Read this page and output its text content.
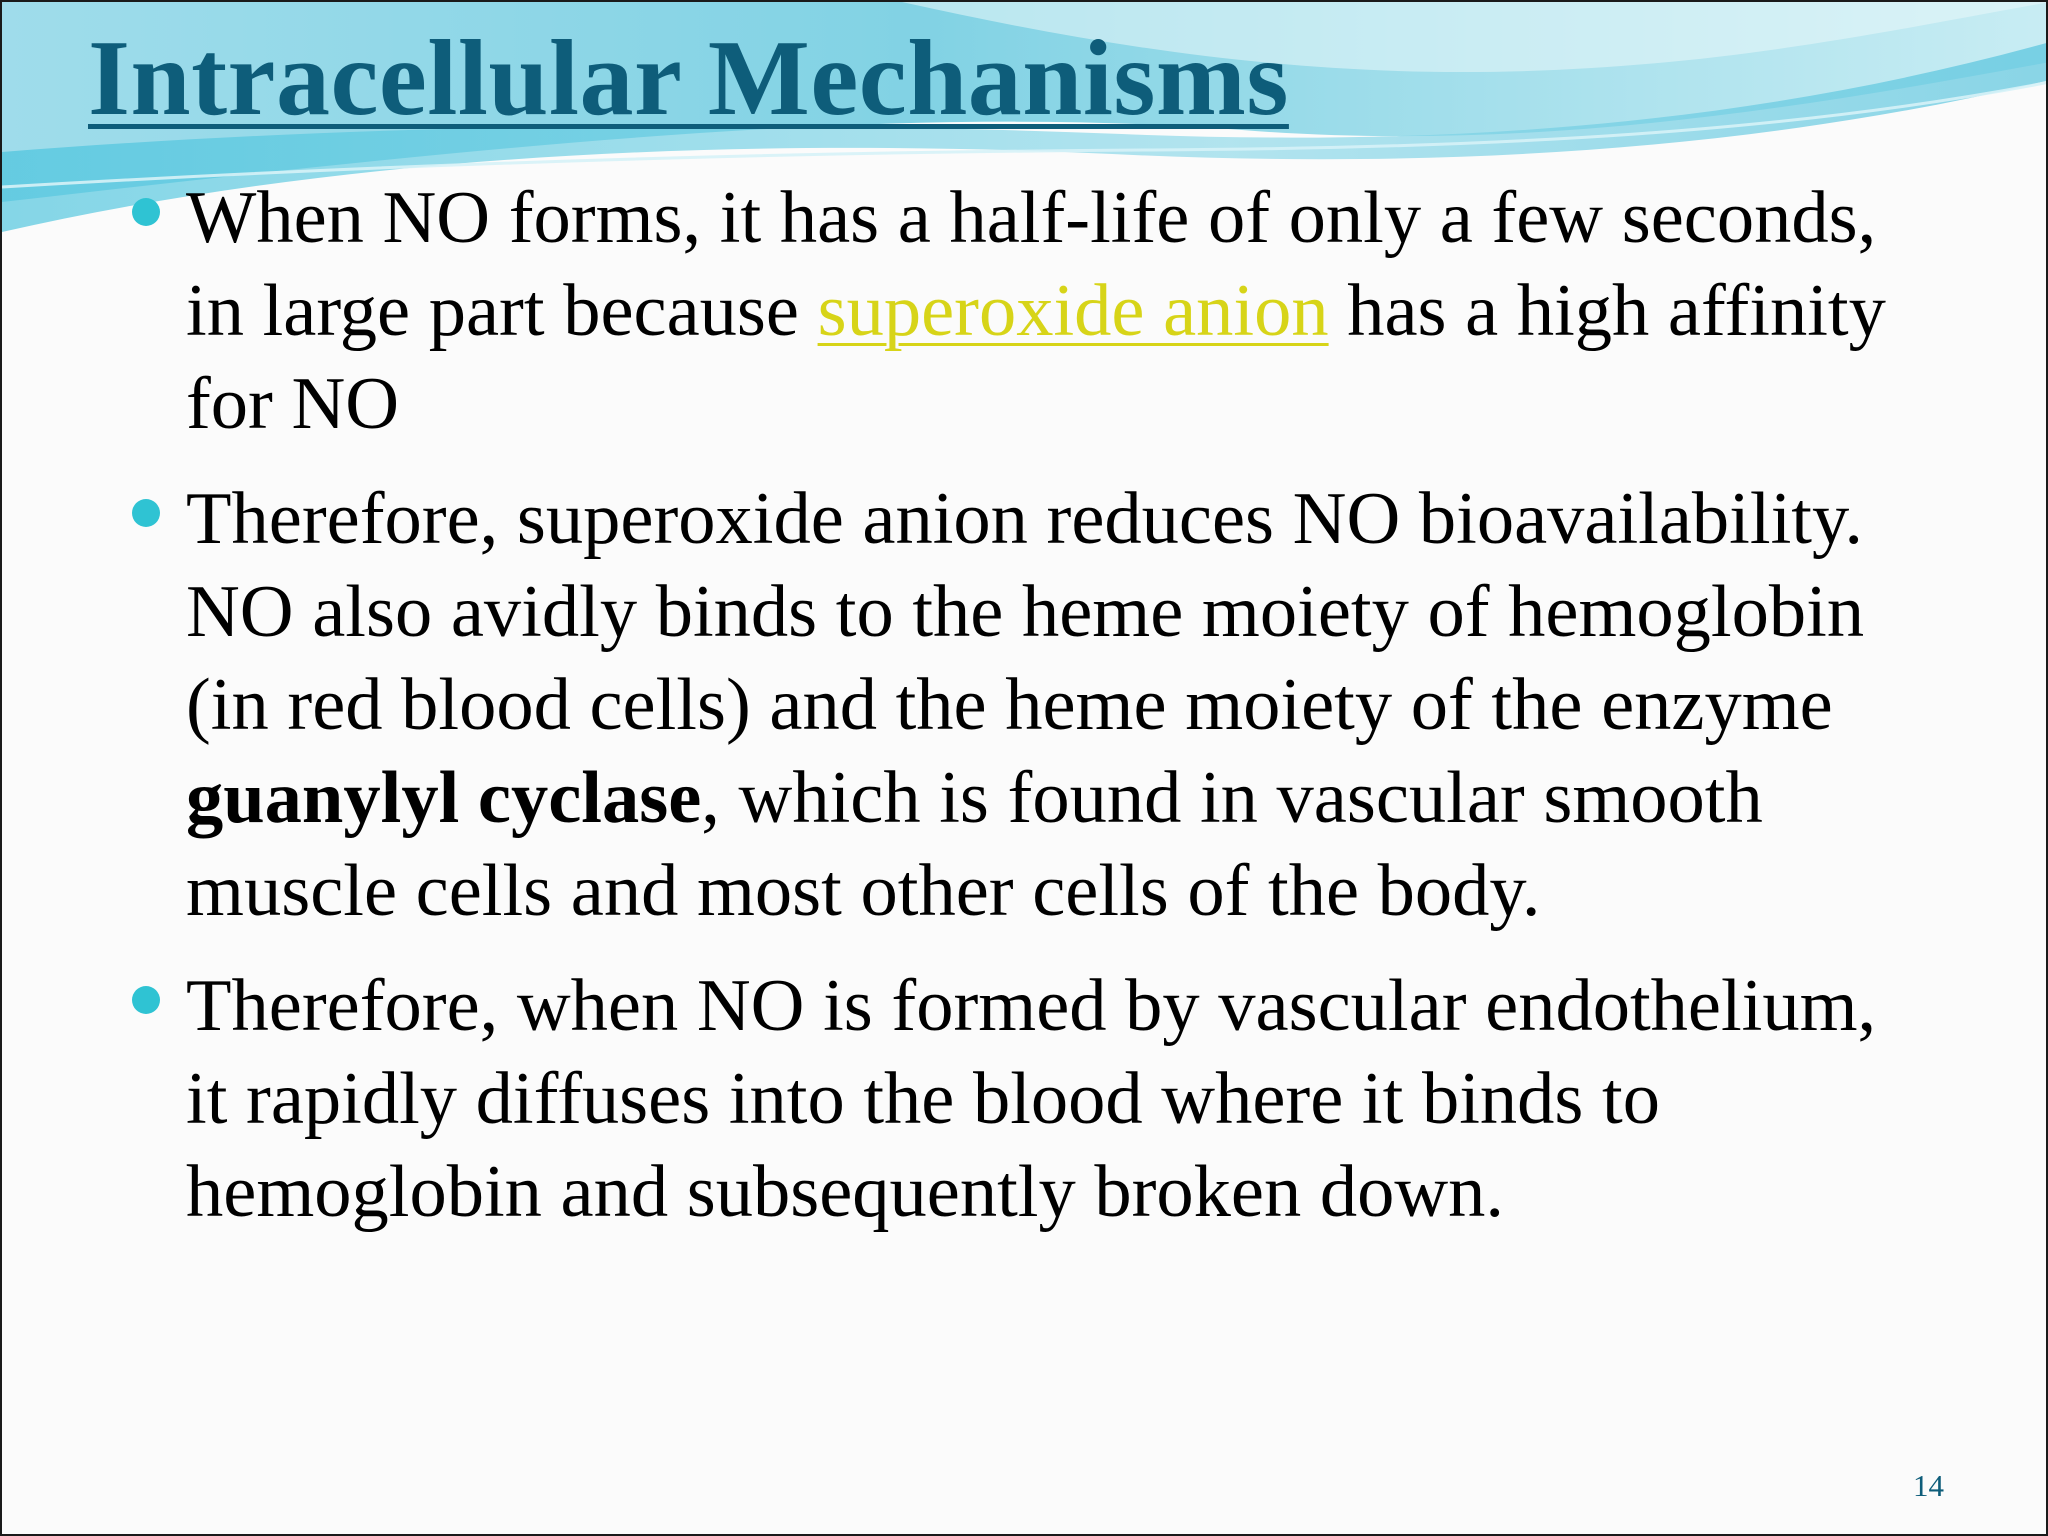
Intracellular Mechanisms
When NO forms, it has a half-life of only a few seconds, in large part because superoxide anion has a high affinity for NO
Therefore, superoxide anion reduces NO bioavailability. NO also avidly binds to the heme moiety of hemoglobin (in red blood cells) and the heme moiety of the enzyme guanylyl cyclase, which is found in vascular smooth muscle cells and most other cells of the body.
Therefore, when NO is formed by vascular endothelium, it rapidly diffuses into the blood where it binds to hemoglobin and subsequently broken down.
14
